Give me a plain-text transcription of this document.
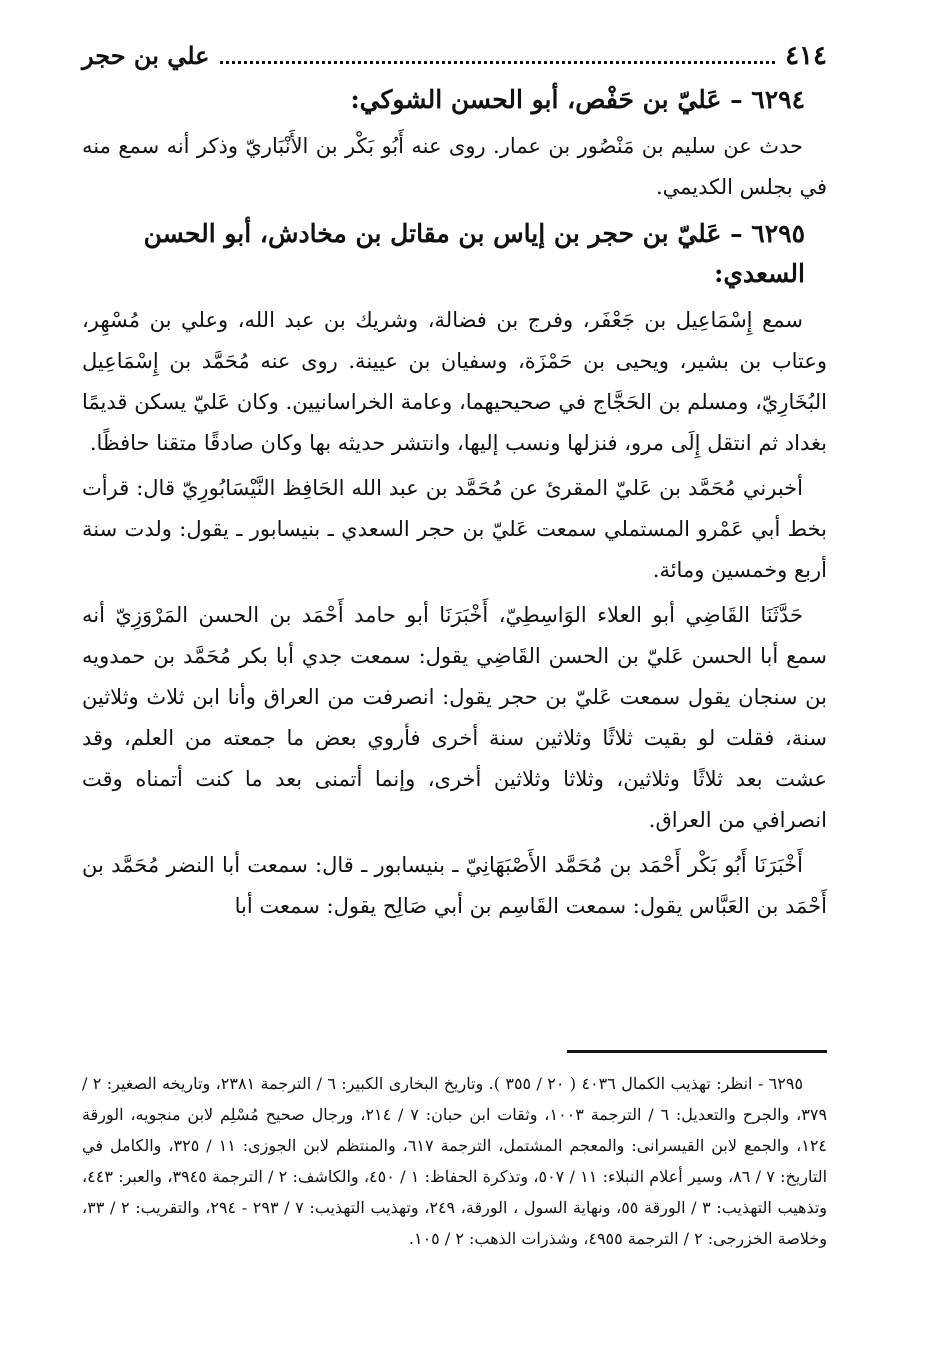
٤١٤
علي بن حجر
٦٢٩٤ – عَليّ بن حَفْص، أبو الحسن الشوكي:

حدث عن سليم بن مَنْصُور بن عمار. روى عنه أَبُو بَكْر بن الأَنْبَاريّ وذكر أنه سمع منه في بجلس الكديمي.

٦٢٩٥ – عَليّ بن حجر بن إياس بن مقاتل بن مخادش، أبو الحسن السعدي:

سمع إِسْمَاعِيل بن جَعْفَر، وفرج بن فضالة، وشريك بن عبد الله، وعلي بن مُسْهِر، وعتاب بن بشير، ويحيى بن حَمْزَة، وسفيان بن عيينة. روى عنه مُحَمَّد بن إِسْمَاعِيل البُخَارِيّ، ومسلم بن الحَجَّاج في صحيحيهما، وعامة الخراسانيين. وكان عَليّ يسكن قديمًا بغداد ثم انتقل إِلَى مرو، فنزلها ونسب إليها، وانتشر حديثه بها وكان صادقًا متقنا حافظًا.

أخبرني مُحَمَّد بن عَليّ المقرئ عن مُحَمَّد بن عبد الله الحَافِظ النَّيْسَابُورِيّ قال: قرأت بخط أبي عَمْرو المستملي سمعت عَليّ بن حجر السعدي ـ بنيسابور ـ يقول: ولدت سنة أربع وخمسين ومائة.

حَدَّثَنَا القَاضِي أبو العلاء الوَاسِطِيّ، أَخْبَرَنَا أبو حامد أَحْمَد بن الحسن المَرْوَزِيّ أنه سمع أبا الحسن عَليّ بن الحسن القَاضِي يقول: سمعت جدي أبا بكر مُحَمَّد بن حمدويه بن سنجان يقول سمعت عَليّ بن حجر يقول: انصرفت من العراق وأنا ابن ثلاث وثلاثين سنة، فقلت لو بقيت ثلاثًا وثلاثين سنة أخرى فأروي بعض ما جمعته من العلم، وقد عشت بعد ثلاثًا وثلاثين، وثلاثا وثلاثين أخرى، وإنما أتمنى بعد ما كنت أتمناه وقت انصرافي من العراق.

أَخْبَرَنَا أَبُو بَكْر أَحْمَد بن مُحَمَّد الأَصْبَهَانِيّ ـ بنيسابور ـ قال: سمعت أبا النضر مُحَمَّد بن أَحْمَد بن العَبَّاس يقول: سمعت القَاسِم بن أبي صَالِح يقول: سمعت أبا

٦٢٩٥ - انظر: تهذيب الكمال ٤٠٣٦ ( ٢٠ / ٣٥٥ ). وتاريخ البخارى الكبير: ٦ / الترجمة ٢٣٨١، وتاريخه الصغير: ٢ / ٣٧٩، والجرح والتعديل: ٦ / الترجمة ١٠٠٣، وثقات ابن حبان: ٧ / ٢١٤، ورجال صحيح مُسْلِم لابن منجويه، الورقة ١٢٤، والجمع لابن القيسرانى: والمعجم المشتمل، الترجمة ٦١٧، والمنتظم لابن الجوزى: ١١ / ٣٢٥، والكامل في التاريخ: ٧ / ٨٦، وسير أعلام النبلاء: ١١ / ٥٠٧، وتذكرة الحفاظ: ١ / ٤٥٠، والكاشف: ٢ / الترجمة ٣٩٤٥، والعبر: ٤٤٣، وتذهيب التهذيب: ٣ / الورقة ٥٥، ونهاية السول ، الورقة، ٢٤٩، وتهذيب التهذيب: ٧ / ٢٩٣ - ٢٩٤، والتقريب: ٢ / ٣٣، وخلاصة الخزرجى: ٢ / الترجمة ٤٩٥٥، وشذرات الذهب: ٢ / ١٠٥.
